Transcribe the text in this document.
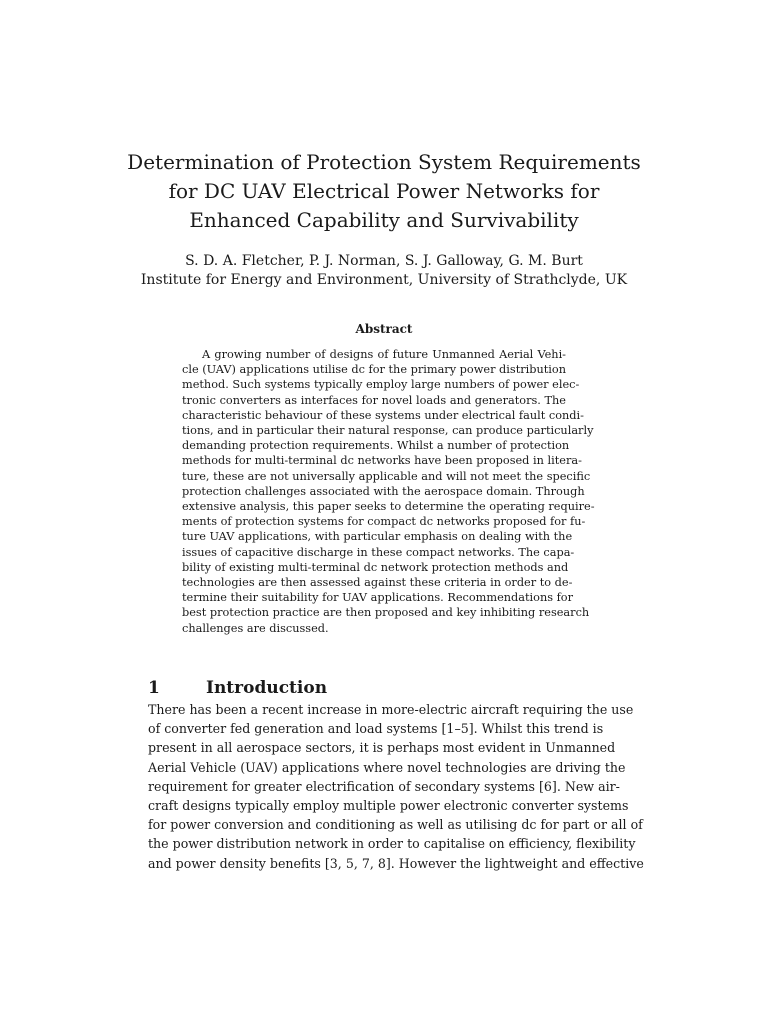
Determination of Protection System Requirements
for DC UAV Electrical Power Networks for
Enhanced Capability and Survivability
S. D. A. Fletcher, P. J. Norman, S. J. Galloway, G. M. Burt
Institute for Energy and Environment, University of Strathclyde, UK
Abstract
A growing number of designs of future Unmanned Aerial Vehi-
cle (UAV) applications utilise dc for the primary power distribution
method. Such systems typically employ large numbers of power elec-
tronic converters as interfaces for novel loads and generators. The
characteristic behaviour of these systems under electrical fault condi-
tions, and in particular their natural response, can produce particularly
demanding protection requirements. Whilst a number of protection
methods for multi-terminal dc networks have been proposed in litera-
ture, these are not universally applicable and will not meet the specific
protection challenges associated with the aerospace domain. Through
extensive analysis, this paper seeks to determine the operating require-
ments of protection systems for compact dc networks proposed for fu-
ture UAV applications, with particular emphasis on dealing with the
issues of capacitive discharge in these compact networks. The capa-
bility of existing multi-terminal dc network protection methods and
technologies are then assessed against these criteria in order to de-
termine their suitability for UAV applications. Recommendations for
best protection practice are then proposed and key inhibiting research
challenges are discussed.
1	Introduction
There has been a recent increase in more-electric aircraft requiring the use
of converter fed generation and load systems [1–5]. Whilst this trend is
present in all aerospace sectors, it is perhaps most evident in Unmanned
Aerial Vehicle (UAV) applications where novel technologies are driving the
requirement for greater electrification of secondary systems [6]. New air-
craft designs typically employ multiple power electronic converter systems
for power conversion and conditioning as well as utilising dc for part or all of
the power distribution network in order to capitalise on efficiency, flexibility
and power density benefits [3, 5, 7, 8]. However the lightweight and effective
